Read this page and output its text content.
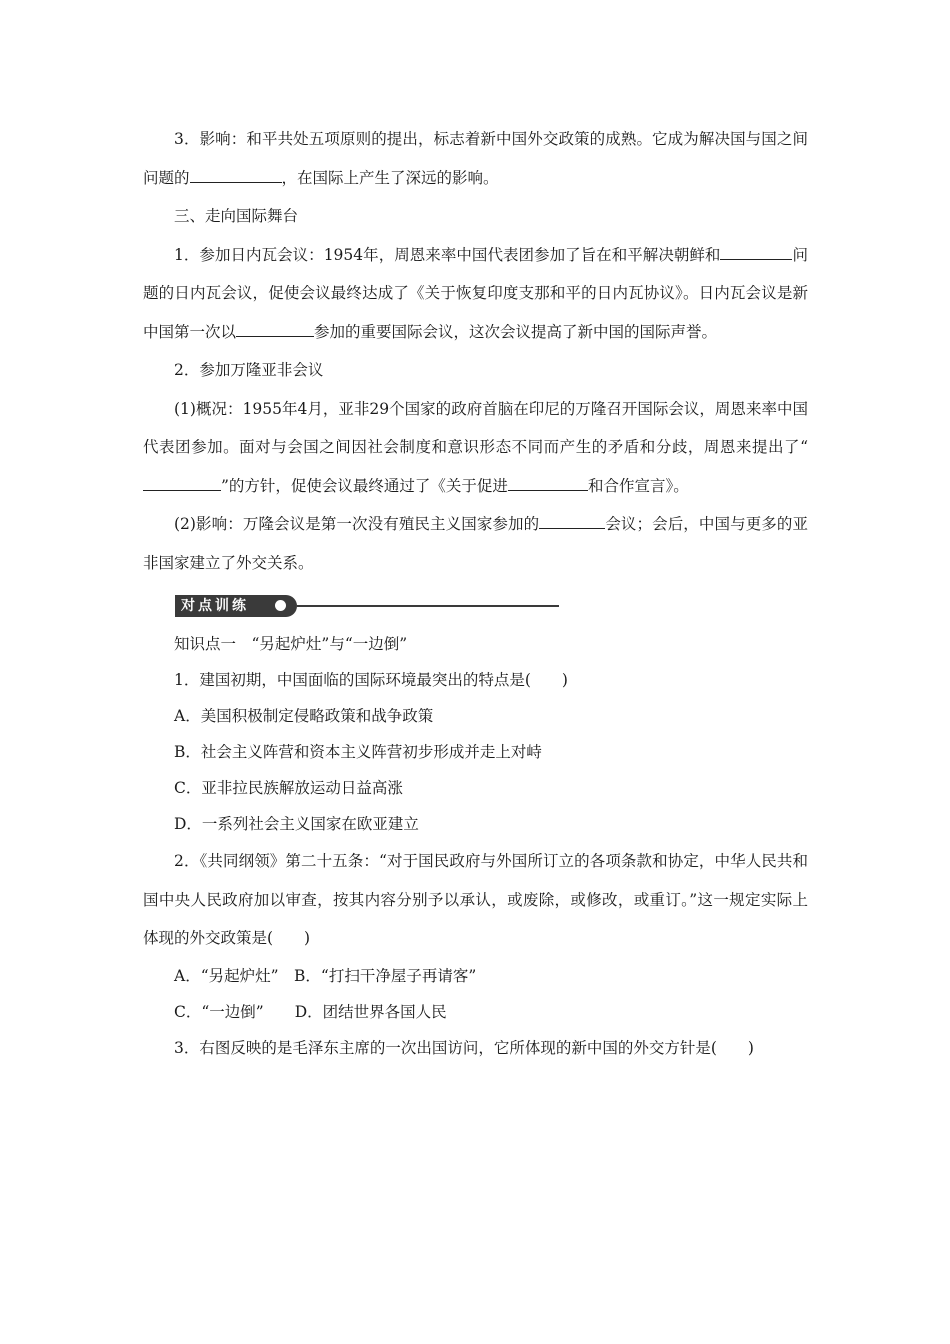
3．影响：和平共处五项原则的提出，标志着新中国外交政策的成熟。它成为解决国与国之间问题的	，在国际上产生了深远的影响。

三、走向国际舞台

1．参加日内瓦会议：1954年，周恩来率中国代表团参加了旨在和平解决朝鲜和	问题的日内瓦会议，促使会议最终达成了《关于恢复印度支那和平的日内瓦协议》。日内瓦会议是新中国第一次以	参加的重要国际会议，这次会议提高了新中国的国际声誉。

2．参加万隆亚非会议

(1)概况：1955年4月，亚非29个国家的政府首脑在印尼的万隆召开国际会议，周恩来率中国代表团参加。面对与会国之间因社会制度和意识形态不同而产生的矛盾和分歧，周恩来提出了“”的方针，促使会议最终通过了《关于促进	和合作宣言》。

(2)影响：万隆会议是第一次没有殖民主义国家参加的	会议；会后，中国与更多的亚非国家建立了外交关系。

对点训练

知识点一　“另起炉灶”与“一边倒”

1．建国初期，中国面临的国际环境最突出的特点是(　　)

A．美国积极制定侵略政策和战争政策

B．社会主义阵营和资本主义阵营初步形成并走上对峙

C．亚非拉民族解放运动日益高涨

D．一系列社会主义国家在欧亚建立

2．《共同纲领》第二十五条：“对于国民政府与外国所订立的各项条款和协定，中华人民共和国中央人民政府加以审查，按其内容分别予以承认，或废除，或修改，或重订。”这一规定实际上体现的外交政策是(　　)

A．“另起炉灶”　B．“打扫干净屋子再请客”

C．“一边倒”　　D．团结世界各国人民

3．右图反映的是毛泽东主席的一次出国访问，它所体现的新中国的外交方针是(　　)
